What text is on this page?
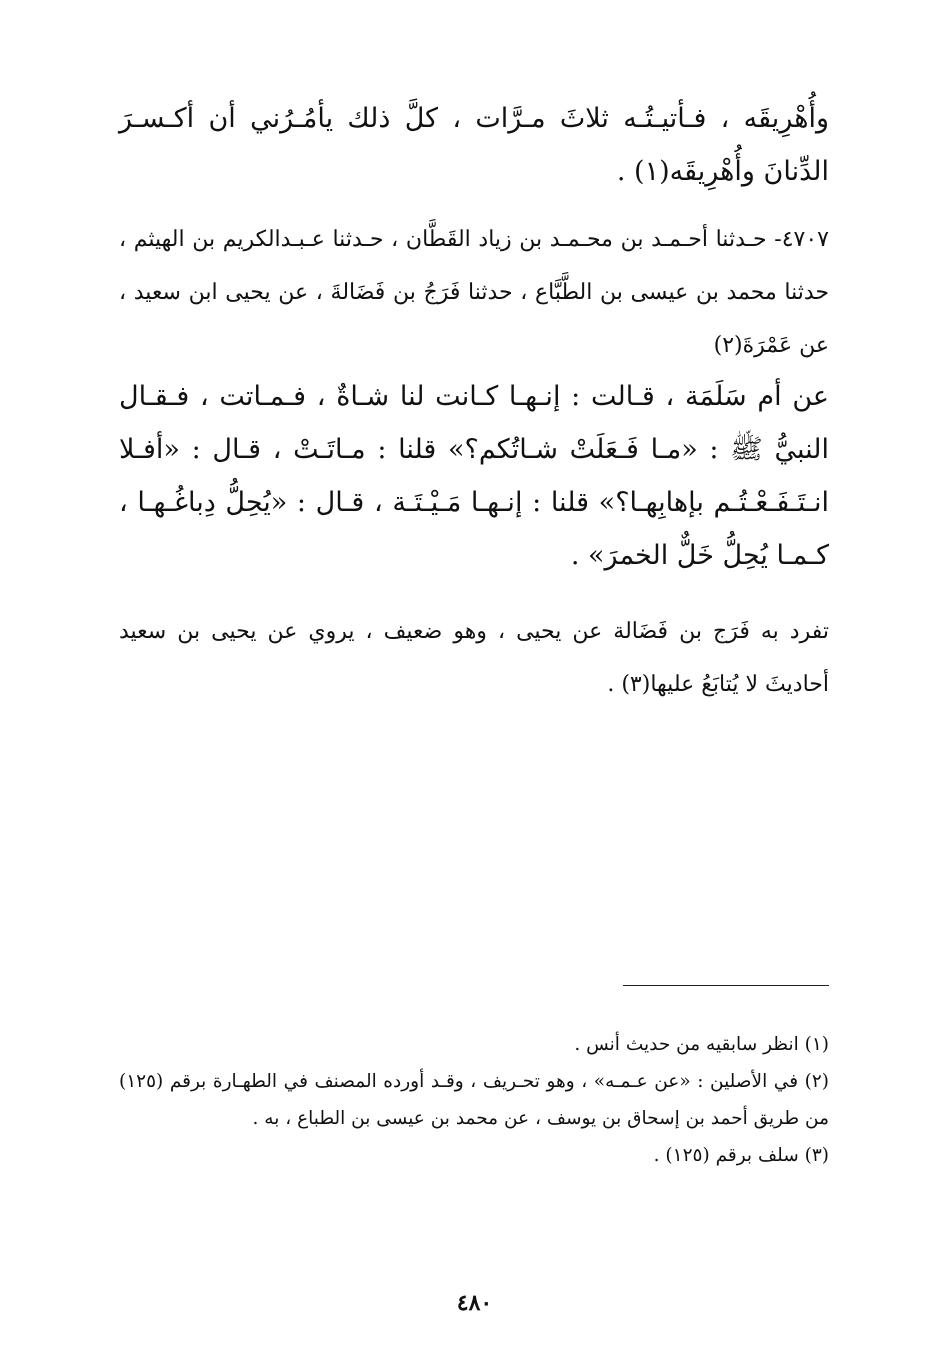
وأُهْرِيقَه ، فـأتيـتُـه ثلاثَ مـرَّات ، كلَّ ذلك يأمُـرُني أن أكـسـرَ الدِّنانَ وأُهْرِيقَه(١) .

٤٧٠٧- حـدثنا أحـمـد بن محـمـد بن زياد القَطَّان ، حـدثنا عـبـدالكريم بن الهيثم ، حدثنا محمد بن عيسى بن الطَّبَّاع ، حدثنا فَرَجُ بن فَضَالةَ ، عن يحيى ابن سعيد ، عن عَمْرَةَ(٢)

عن أم سَلَمَة ، قـالت : إنـهـا كـانت لنا شـاةٌ ، فـمـاتت ، فـقـال النبيُّ ﷺ : «مـا فَـعَلَتْ شـاتُكم؟» قلنا : مـاتَـتْ ، قـال : «أفـلا انـتَـفَـعْـتُـم بإهابِهـا؟» قلنا : إنـهـا مَـيْـتَـة ، قـال : «يُحِلُّ دِباغُـهـا ، كـمـا يُحِلُّ خَلٌّ الخمرَ» .

تفرد به فَرَج بن فَضَالة عن يحيى ، وهو ضعيف ، يروي عن يحيى بن سعيد أحاديثَ لا يُتابَعُ عليها(٣) .

(١) انظر سابقيه من حديث أنس .

(٢) في الأصلين : «عن عـمـه» ، وهو تحـريف ، وقـد أورده المصنف في الطهـارة برقم (١٢٥) من طريق أحمد بن إسحاق بن يوسف ، عن محمد بن عيسى بن الطباع ، به .

(٣) سلف برقم (١٢٥) .

٤٨٠
